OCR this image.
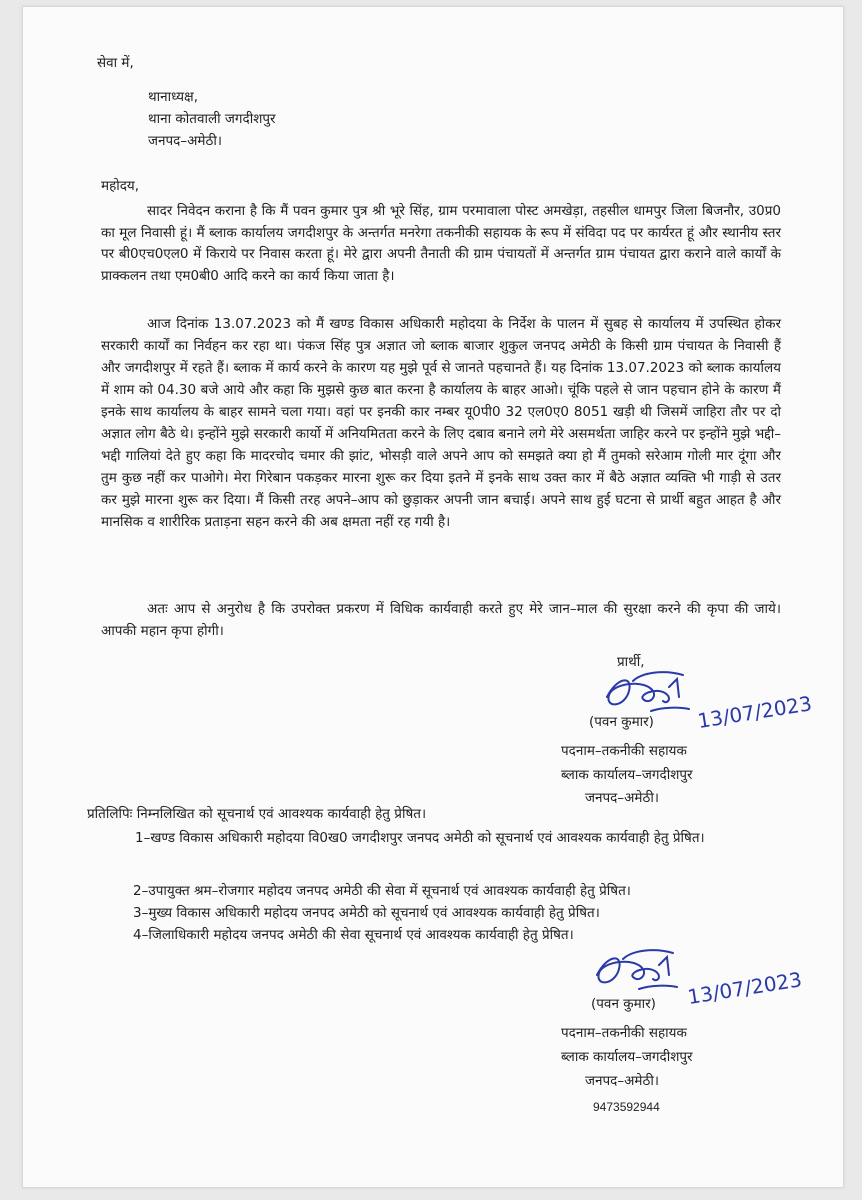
सेवा में,
थानाध्यक्ष,
थाना कोतवाली जगदीशपुर
जनपद–अमेठी।
महोदय,
सादर निवेदन कराना है कि मैं पवन कुमार पुत्र श्री भूरे सिंह, ग्राम परमावाला पोस्ट अमखेड़ा, तहसील धामपुर जिला बिजनौर, उ0प्र0 का मूल निवासी हूं। मैं ब्लाक कार्यालय जगदीशपुर के अन्तर्गत मनरेगा तकनीकी सहायक के रूप में संविदा पद पर कार्यरत हूं और स्थानीय स्तर पर बी0एच0एल0 में किराये पर निवास करता हूं। मेरे द्वारा अपनी तैनाती की ग्राम पंचायतों में अन्तर्गत ग्राम पंचायत द्वारा कराने वाले कार्यों के प्राक्कलन तथा एम0बी0 आदि करने का कार्य किया जाता है।
आज दिनांक 13.07.2023 को मैं खण्ड विकास अधिकारी महोदया के निर्देश के पालन में सुबह से कार्यालय में उपस्थित होकर सरकारी कार्यों का निर्वहन कर रहा था। पंकज सिंह पुत्र अज्ञात जो ब्लाक बाजार शुकुल जनपद अमेठी के किसी ग्राम पंचायत के निवासी हैं और जगदीशपुर में रहते हैं। ब्लाक में कार्य करने के कारण यह मुझे पूर्व से जानते पहचानते हैं। यह दिनांक 13.07.2023 को ब्लाक कार्यालय में शाम को 04.30 बजे आये और कहा कि मुझसे कुछ बात करना है कार्यालय के बाहर आओ। चूंकि पहले से जान पहचान होने के कारण मैं इनके साथ कार्यालय के बाहर सामने चला गया। वहां पर इनकी कार नम्बर यू0पी0 32 एल0ए0 8051 खड़ी थी जिसमें जाहिरा तौर पर दो अज्ञात लोग बैठे थे। इन्होंने मुझे सरकारी कार्यो में अनियमितता करने के लिए दबाव बनाने लगे मेरे असमर्थता जाहिर करने पर इन्होंने मुझे भद्दी–भद्दी गालियां देते हुए कहा कि मादरचोद चमार की झांट, भोसड़ी वाले अपने आप को समझते क्या हो मैं तुमको सरेआम गोली मार दूंगा और तुम कुछ नहीं कर पाओगे। मेरा गिरेबान पकड़कर मारना शुरू कर दिया इतने में इनके साथ उक्त कार में बैठे अज्ञात व्यक्ति भी गाड़ी से उतर कर मुझे मारना शुरू कर दिया। मैं किसी तरह अपने–आप को छुड़ाकर अपनी जान बचाई। अपने साथ हुई घटना से प्रार्थी बहुत आहत है और मानसिक व शारीरिक प्रताड़ना सहन करने की अब क्षमता नहीं रह गयी है।
अतः आप से अनुरोध है कि उपरोक्त प्रकरण में विधिक कार्यवाही करते हुए मेरे जान–माल की सुरक्षा करने की कृपा की जाये। आपकी महान कृपा होगी।
प्रार्थी,
13/07/2023
(पवन कुमार)
पदनाम–तकनीकी सहायक
ब्लाक कार्यालय–जगदीशपुर
जनपद–अमेठी।
प्रतिलिपिः निम्नलिखित को सूचनार्थ एवं आवश्यक कार्यवाही हेतु प्रेषित।
1–खण्ड विकास अधिकारी महोदया वि0ख0 जगदीशपुर जनपद अमेठी को सूचनार्थ एवं आवश्यक कार्यवाही हेतु प्रेषित।
2–उपायुक्त श्रम–रोजगार महोदय जनपद अमेठी की सेवा में सूचनार्थ एवं आवश्यक कार्यवाही हेतु प्रेषित।
3–मुख्य विकास अधिकारी महोदय जनपद अमेठी को सूचनार्थ एवं आवश्यक कार्यवाही हेतु प्रेषित।
4–जिलाधिकारी महोदय जनपद अमेठी की सेवा सूचनार्थ एवं आवश्यक कार्यवाही हेतु प्रेषित।
13/07/2023
(पवन कुमार)
पदनाम–तकनीकी सहायक
ब्लाक कार्यालय–जगदीशपुर
जनपद–अमेठी।
9473592944
